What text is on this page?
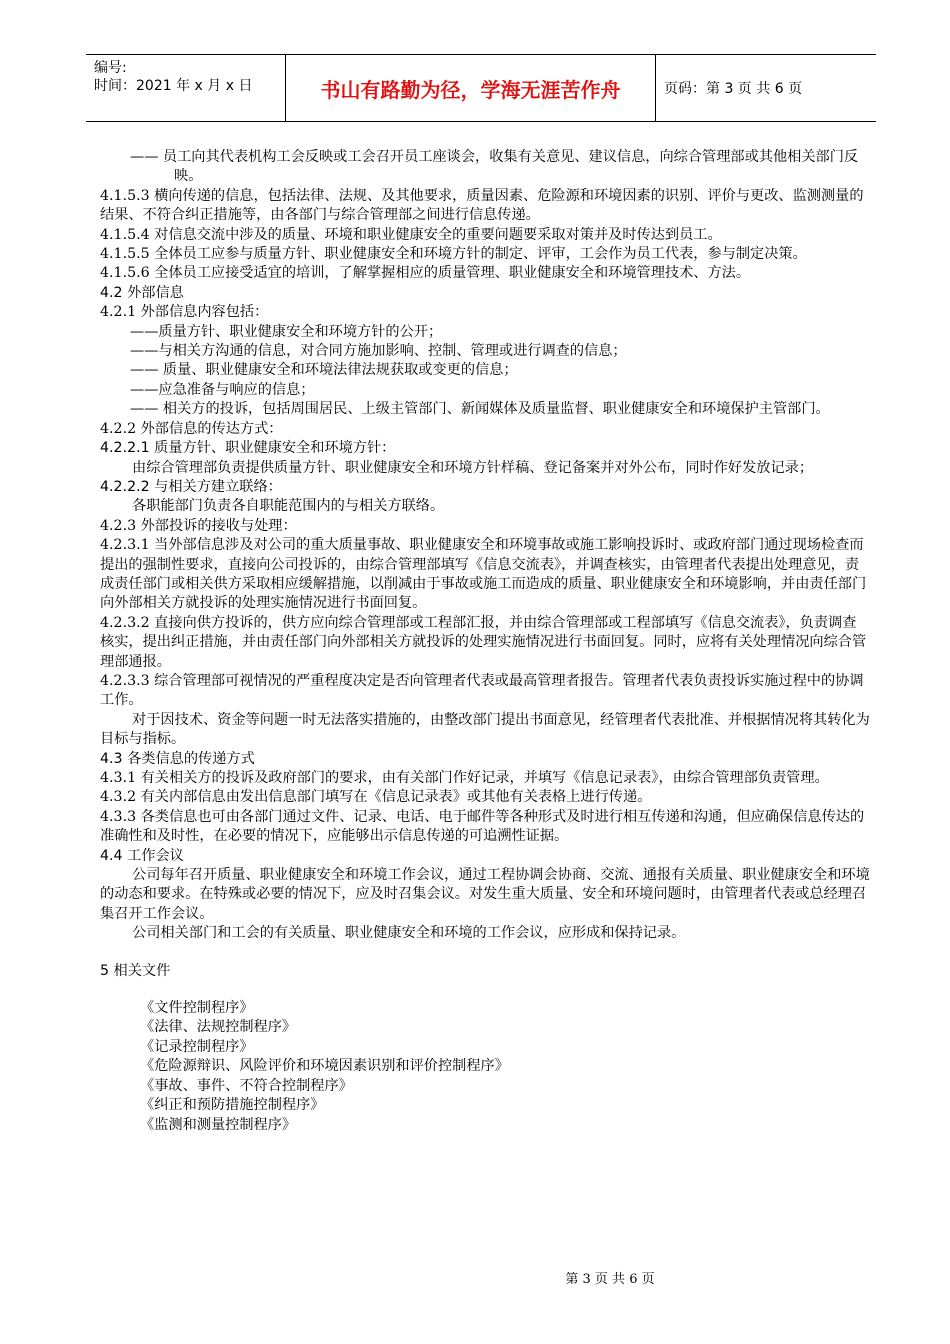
编号:
时间：2021 年 x 月 x 日	书山有路勤为径，学海无涯苦作舟	页码：第 3 页 共 6 页

—— 员工向其代表机构工会反映或工会召开员工座谈会，收集有关意见、建议信息，向综合管理部或其他相关部门反映。

4.1.5.3 横向传递的信息，包括法律、法规、及其他要求，质量因素、危险源和环境因素的识别、评价与更改、监测测量的结果、不符合纠正措施等，由各部门与综合管理部之间进行信息传递。

4.1.5.4 对信息交流中涉及的质量、环境和职业健康安全的重要问题要采取对策并及时传达到员工。

4.1.5.5 全体员工应参与质量方针、职业健康安全和环境方针的制定、评审，工会作为员工代表，参与制定决策。

4.1.5.6 全体员工应接受适宜的培训，了解掌握相应的质量管理、职业健康安全和环境管理技术、方法。

4.2 外部信息

4.2.1 外部信息内容包括：

——质量方针、职业健康安全和环境方针的公开；

——与相关方沟通的信息，对合同方施加影响、控制、管理或进行调查的信息；

—— 质量、职业健康安全和环境法律法规获取或变更的信息；

——应急准备与响应的信息；

—— 相关方的投诉，包括周围居民、上级主管部门、新闻媒体及质量监督、职业健康安全和环境保护主管部门。

4.2.2 外部信息的传达方式：

4.2.2.1 质量方针、职业健康安全和环境方针：

由综合管理部负责提供质量方针、职业健康安全和环境方针样稿、登记备案并对外公布，同时作好发放记录；

4.2.2.2 与相关方建立联络：

各职能部门负责各自职能范围内的与相关方联络。

4.2.3 外部投诉的接收与处理：

4.2.3.1 当外部信息涉及对公司的重大质量事故、职业健康安全和环境事故或施工影响投诉时、或政府部门通过现场检查而提出的强制性要求，直接向公司投诉的，由综合管理部填写《信息交流表》，并调查核实，由管理者代表提出处理意见，责成责任部门或相关供方采取相应缓解措施，以削减由于事故或施工而造成的质量、职业健康安全和环境影响，并由责任部门向外部相关方就投诉的处理实施情况进行书面回复。

4.2.3.2 直接向供方投诉的，供方应向综合管理部或工程部汇报，并由综合管理部或工程部填写《信息交流表》，负责调查核实，提出纠正措施，并由责任部门向外部相关方就投诉的处理实施情况进行书面回复。同时，应将有关处理情况向综合管理部通报。

4.2.3.3 综合管理部可视情况的严重程度决定是否向管理者代表或最高管理者报告。管理者代表负责投诉实施过程中的协调工作。

对于因技术、资金等问题一时无法落实措施的，由整改部门提出书面意见，经管理者代表批准、并根据情况将其转化为目标与指标。

4.3 各类信息的传递方式

4.3.1 有关相关方的投诉及政府部门的要求，由有关部门作好记录，并填写《信息记录表》，由综合管理部负责管理。

4.3.2 有关内部信息由发出信息部门填写在《信息记录表》或其他有关表格上进行传递。

4.3.3 各类信息也可由各部门通过文件、记录、电话、电于邮件等各种形式及时进行相互传递和沟通，但应确保信息传达的准确性和及时性，在必要的情况下，应能够出示信息传递的可追溯性证据。

4.4 工作会议

公司每年召开质量、职业健康安全和环境工作会议，通过工程协调会协商、交流、通报有关质量、职业健康安全和环境的动态和要求。在特殊或必要的情况下，应及时召集会议。对发生重大质量、安全和环境问题时，由管理者代表或总经理召集召开工作会议。

公司相关部门和工会的有关质量、职业健康安全和环境的工作会议，应形成和保持记录。

5 相关文件

《文件控制程序》

《法律、法规控制程序》

《记录控制程序》

《危险源辩识、风险评价和环境因素识别和评价控制程序》

《事故、事件、不符合控制程序》

《纠正和预防措施控制程序》

《监测和测量控制程序》

第 3 页 共 6 页
